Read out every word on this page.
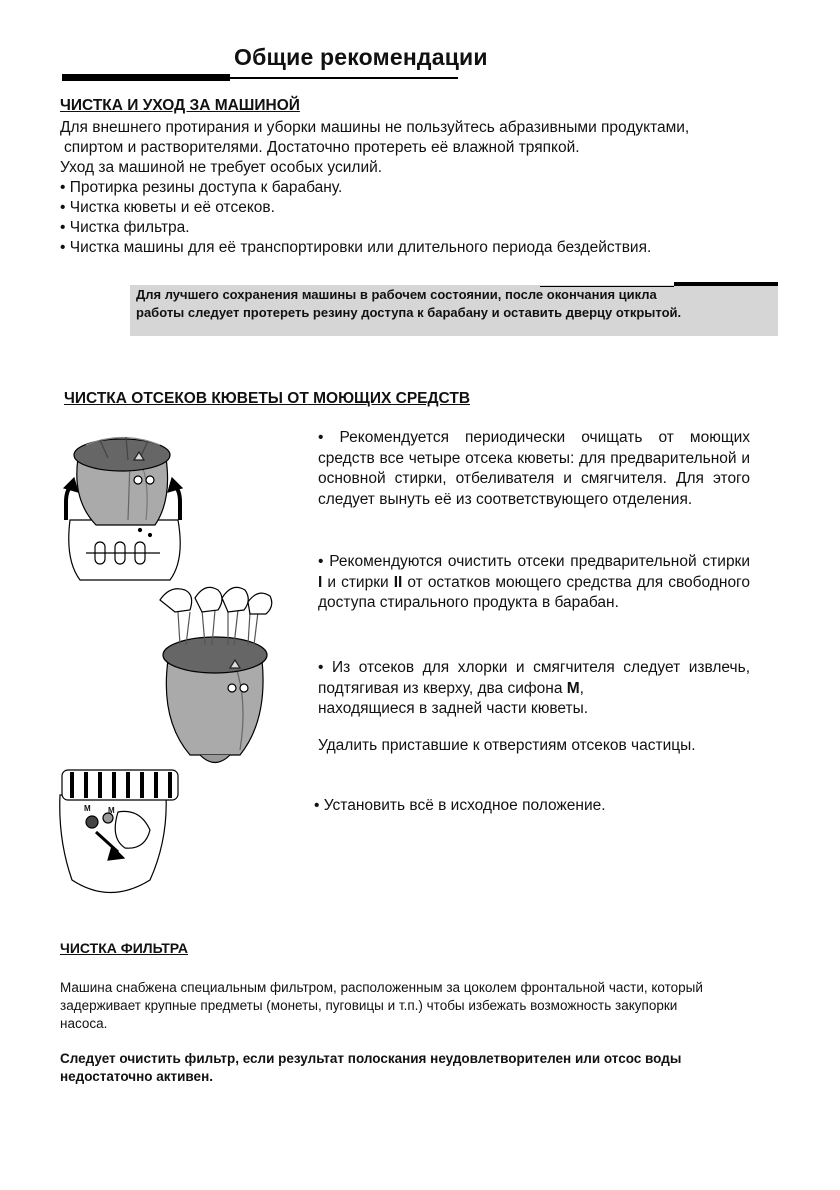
Общие рекомендации
ЧИСТКА И УХОД ЗА МАШИНОЙ
Для внешнего протирания и уборки машины не пользуйтесь абразивными продуктами,
спиртом и растворителями. Достаточно протереть её влажной тряпкой.
Уход за машиной не требует особых усилий.
• Протирка резины доступа к барабану.
• Чистка кюветы и её отсеков.
• Чистка фильтра.
• Чистка машины для её транспортировки или длительного периода бездействия.
Для лучшего сохранения машины в рабочем состоянии, после окончания цикла
работы следует протереть резину доступа к барабану и оставить дверцу открытой.
ЧИСТКА ОТСЕКОВ КЮВЕТЫ ОТ МОЮЩИХ СРЕДСТВ
• Рекомендуется периодически очищать от моющих средств все четыре отсека кюветы: для предварительной и основной стирки, отбеливателя и смягчителя. Для этого следует вынуть её из соответствующего отделения.
• Рекомендуются очистить отсеки предварительной стирки I и стирки II от остатков моющего средства для свободного доступа стирального продукта в барабан.
• Из отсеков для хлорки и смягчителя следует извлечь, подтягивая из кверху, два сифона М,
находящиеся в задней части кюветы.
Удалить приставшие к отверстиям отсеков частицы.
• Установить всё в исходное положение.
M M
ЧИСТКА ФИЛЬТРА
Машина снабжена специальным фильтром, расположенным за цоколем фронтальной части, который
задерживает крупные предметы (монеты, пуговицы и т.п.) чтобы избежать возможность закупорки
насоса.
Следует очистить фильтр, если результат полоскания неудовлетворителен или отсос воды
недостаточно активен.
